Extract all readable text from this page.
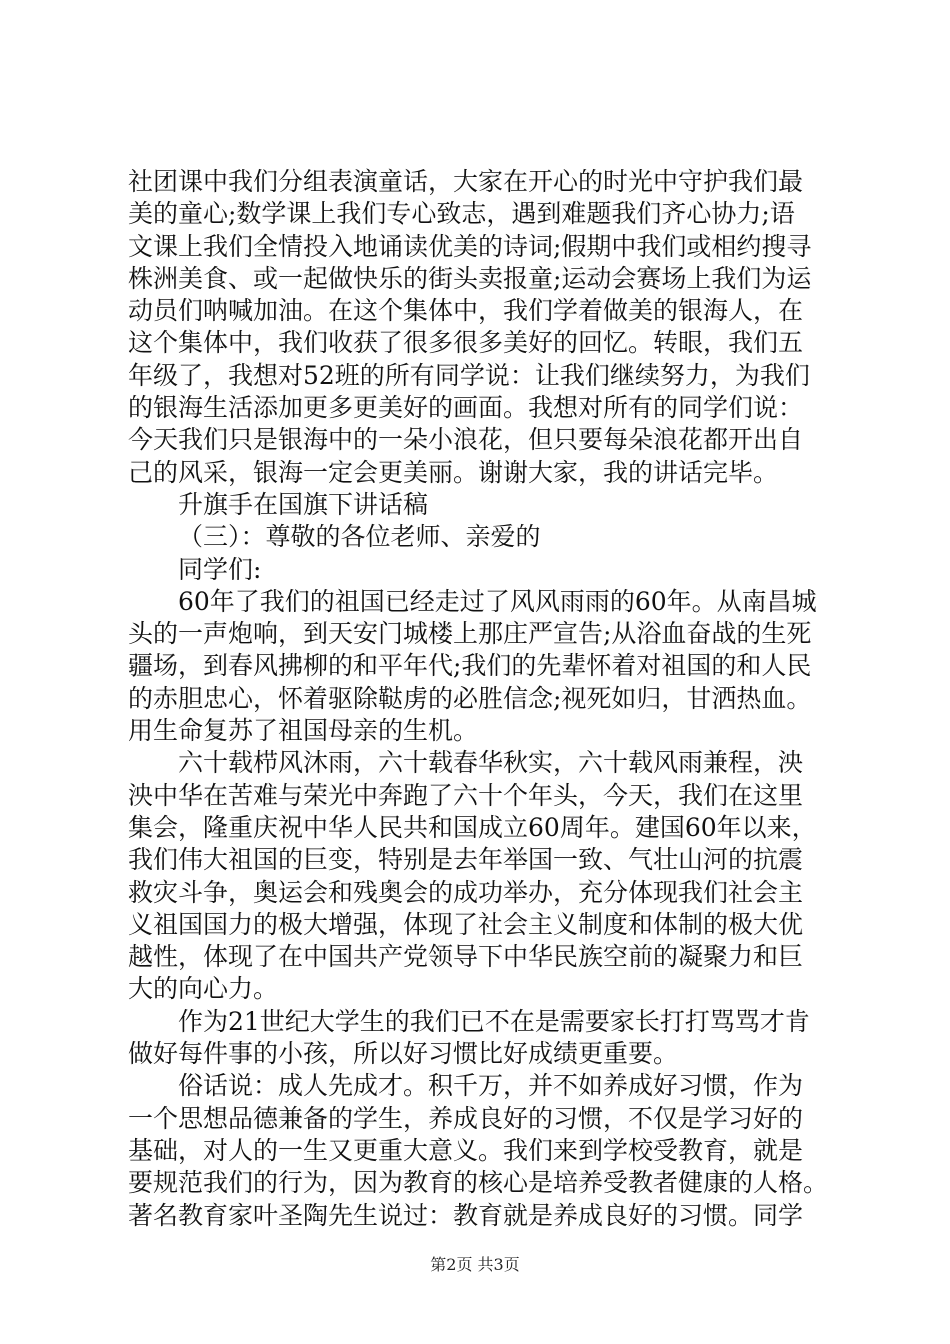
社团课中我们分组表演童话，大家在开心的时光中守护我们最
美的童心;数学课上我们专心致志，遇到难题我们齐心协力;语
文课上我们全情投入地诵读优美的诗词;假期中我们或相约搜寻
株洲美食、或一起做快乐的街头卖报童;运动会赛场上我们为运
动员们呐喊加油。在这个集体中，我们学着做美的银海人，在
这个集体中，我们收获了很多很多美好的回忆。转眼，我们五
年级了，我想对52班的所有同学说：让我们继续努力，为我们
的银海生活添加更多更美好的画面。我想对所有的同学们说：
今天我们只是银海中的一朵小浪花，但只要每朵浪花都开出自
己的风采，银海一定会更美丽。谢谢大家，我的讲话完毕。
升旗手在国旗下讲话稿
（三）：尊敬的各位老师、亲爱的
同学们:
60年了我们的祖国已经走过了风风雨雨的60年。从南昌城
头的一声炮响，到天安门城楼上那庄严宣告;从浴血奋战的生死
疆场，到春风拂柳的和平年代;我们的先辈怀着对祖国的和人民
的赤胆忠心，怀着驱除鞑虏的必胜信念;视死如归，甘洒热血。
用生命复苏了祖国母亲的生机。
六十载栉风沐雨，六十载春华秋实，六十载风雨兼程，泱
泱中华在苦难与荣光中奔跑了六十个年头，今天，我们在这里
集会，隆重庆祝中华人民共和国成立60周年。建国60年以来，
我们伟大祖国的巨变，特别是去年举国一致、气壮山河的抗震
救灾斗争，奥运会和残奥会的成功举办，充分体现我们社会主
义祖国国力的极大增强，体现了社会主义制度和体制的极大优
越性，体现了在中国共产党领导下中华民族空前的凝聚力和巨
大的向心力。
作为21世纪大学生的我们已不在是需要家长打打骂骂才肯
做好每件事的小孩，所以好习惯比好成绩更重要。
俗话说：成人先成才。积千万，并不如养成好习惯，作为
一个思想品德兼备的学生，养成良好的习惯，不仅是学习好的
基础，对人的一生又更重大意义。我们来到学校受教育，就是
要规范我们的行为，因为教育的核心是培养受教者健康的人格。
著名教育家叶圣陶先生说过：教育就是养成良好的习惯。同学
第2页 共3页
